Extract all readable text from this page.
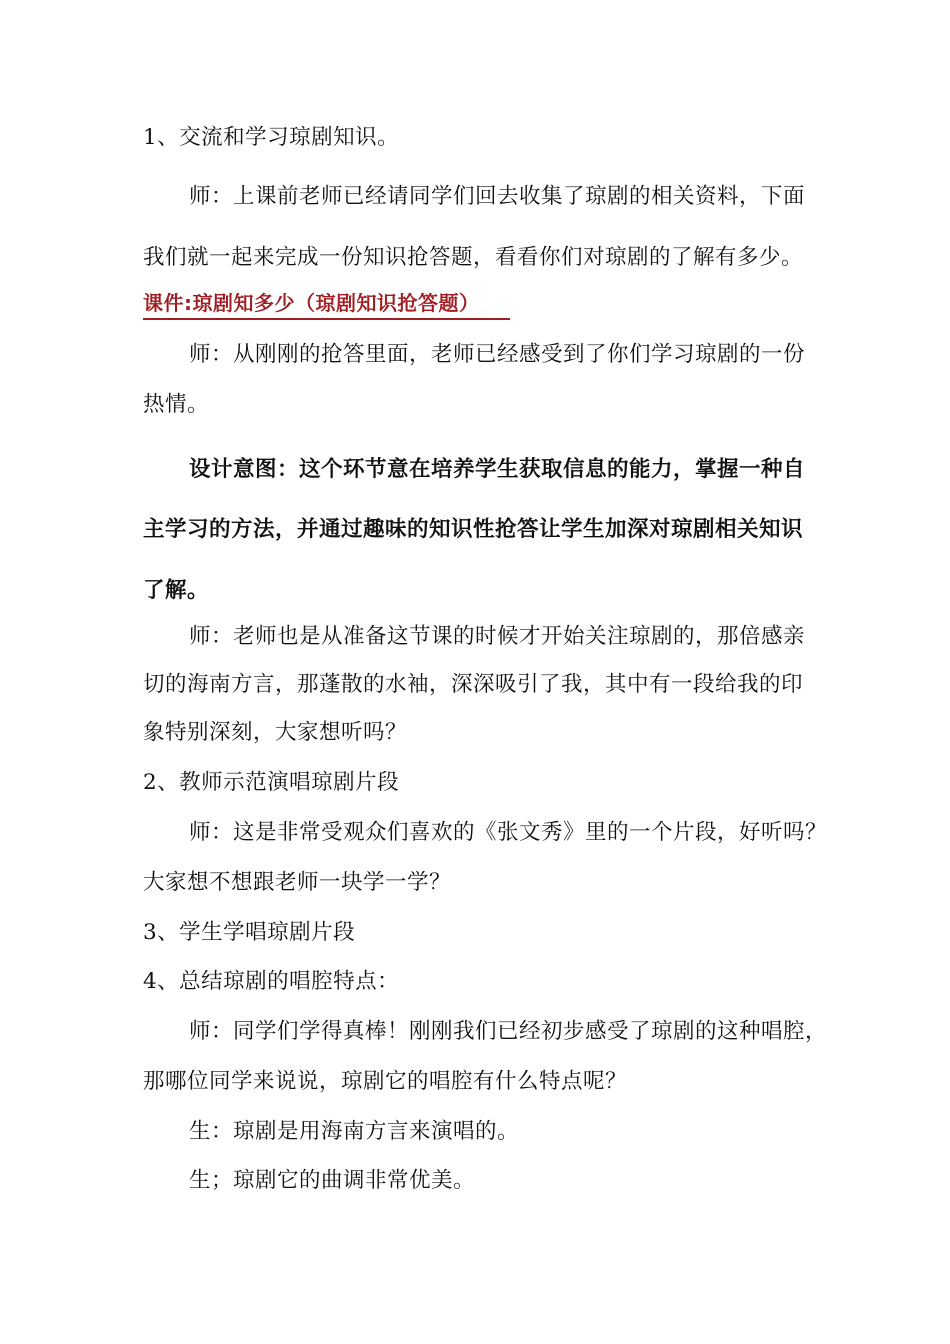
1、交流和学习琼剧知识。
师：上课前老师已经请同学们回去收集了琼剧的相关资料，下面
我们就一起来完成一份知识抢答题，看看你们对琼剧的了解有多少。
课件:琼剧知多少（琼剧知识抢答题）
师：从刚刚的抢答里面，老师已经感受到了你们学习琼剧的一份
热情。
设计意图：这个环节意在培养学生获取信息的能力，掌握一种自
主学习的方法，并通过趣味的知识性抢答让学生加深对琼剧相关知识
了解。
师：老师也是从准备这节课的时候才开始关注琼剧的，那倍感亲
切的海南方言，那蓬散的水袖，深深吸引了我，其中有一段给我的印
象特别深刻，大家想听吗？
2、教师示范演唱琼剧片段
师：这是非常受观众们喜欢的《张文秀》里的一个片段，好听吗？
大家想不想跟老师一块学一学？
3、学生学唱琼剧片段
4、总结琼剧的唱腔特点：
师：同学们学得真棒！刚刚我们已经初步感受了琼剧的这种唱腔，
那哪位同学来说说，琼剧它的唱腔有什么特点呢？
生：琼剧是用海南方言来演唱的。
生；琼剧它的曲调非常优美。
